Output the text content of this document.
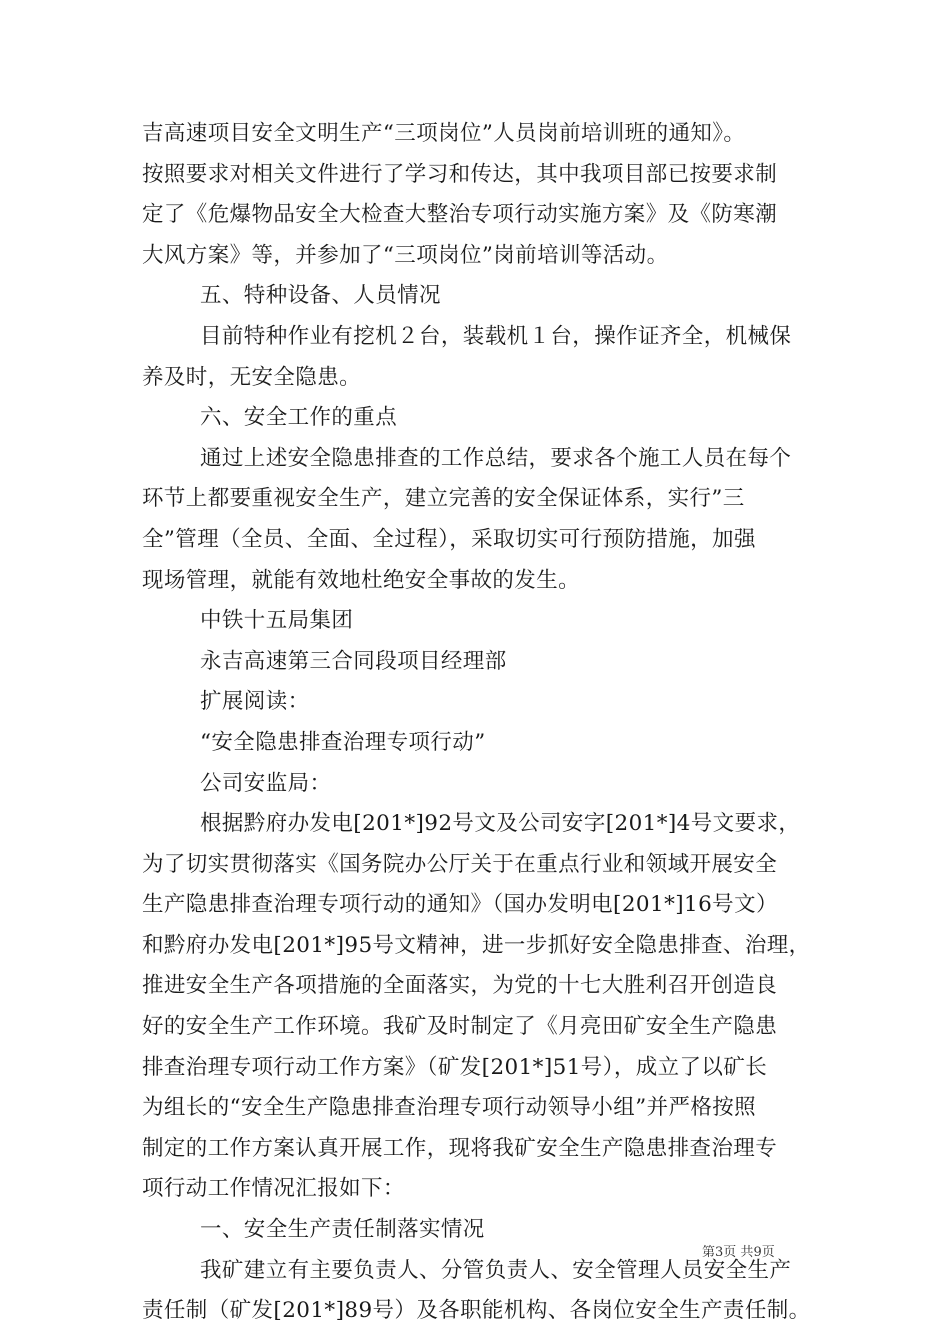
吉高速项目安全文明生产“三项岗位”人员岗前培训班的通知》。

按照要求对相关文件进行了学习和传达，其中我项目部已按要求制

定了《危爆物品安全大检查大整治专项行动实施方案》及《防寒潮

大风方案》等，并参加了“三项岗位”岗前培训等活动。

五、特种设备、人员情况

目前特种作业有挖机２台，装载机１台，操作证齐全，机械保

养及时，无安全隐患。

六、安全工作的重点

通过上述安全隐患排查的工作总结，要求各个施工人员在每个

环节上都要重视安全生产，建立完善的安全保证体系，实行”三

全”管理（全员、全面、全过程），采取切实可行预防措施，加强

现场管理，就能有效地杜绝安全事故的发生。

中铁十五局集团

永吉高速第三合同段项目经理部

扩展阅读：

“安全隐患排查治理专项行动”

公司安监局：

根据黔府办发电[201*]92号文及公司安字[201*]4号文要求，

为了切实贯彻落实《国务院办公厅关于在重点行业和领域开展安全

生产隐患排查治理专项行动的通知》（国办发明电[201*]16号文）

和黔府办发电[201*]95号文精神，进一步抓好安全隐患排查、治理，

推进安全生产各项措施的全面落实，为党的十七大胜利召开创造良

好的安全生产工作环境。我矿及时制定了《月亮田矿安全生产隐患

排查治理专项行动工作方案》（矿发[201*]51号），成立了以矿长

为组长的“安全生产隐患排查治理专项行动领导小组”并严格按照

制定的工作方案认真开展工作，现将我矿安全生产隐患排查治理专

项行动工作情况汇报如下：

一、安全生产责任制落实情况

我矿建立有主要负责人、分管负责人、安全管理人员安全生产

责任制（矿发[201*]89号）及各职能机构、各岗位安全生产责任制。

第3页 共9页
